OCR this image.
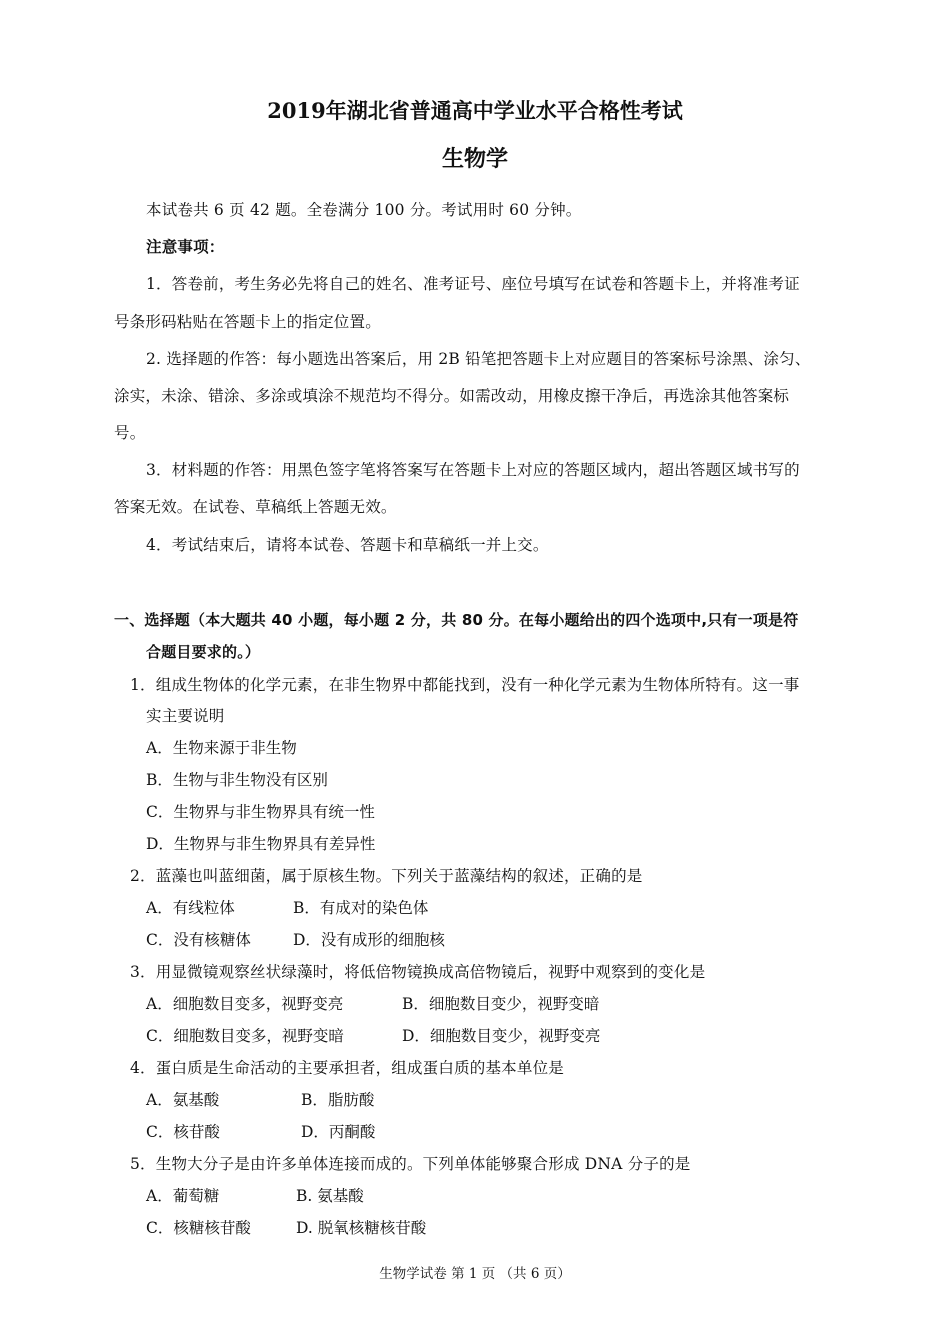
2019年湖北省普通高中学业水平合格性考试
生物学
本试卷共 6 页 42 题。全卷满分 100 分。考试用时 60 分钟。
注意事项：
1．答卷前，考生务必先将自己的姓名、准考证号、座位号填写在试卷和答题卡上，并将准考证
号条形码粘贴在答题卡上的指定位置。
2. 选择题的作答：每小题选出答案后，用 2B 铅笔把答题卡上对应题目的答案标号涂黑、涂匀、
涂实，未涂、错涂、多涂或填涂不规范均不得分。如需改动，用橡皮擦干净后，再选涂其他答案标
号。
3．材料题的作答：用黑色签字笔将答案写在答题卡上对应的答题区域内，超出答题区域书写的
答案无效。在试卷、草稿纸上答题无效。
4．考试结束后，请将本试卷、答题卡和草稿纸一并上交。
一、选择题（本大题共 40 小题，每小题 2 分，共 80 分。在每小题给出的四个选项中,只有一项是符
合题目要求的。）
1．组成生物体的化学元素，在非生物界中都能找到，没有一种化学元素为生物体所特有。这一事
实主要说明
A．生物来源于非生物
B．生物与非生物没有区别
C．生物界与非生物界具有统一性
D．生物界与非生物界具有差异性
2．蓝藻也叫蓝细菌，属于原核生物。下列关于蓝藻结构的叙述，正确的是
A．有线粒体	B．有成对的染色体
C．没有核糖体	D．没有成形的细胞核
3．用显微镜观察丝状绿藻时，将低倍物镜换成高倍物镜后，视野中观察到的变化是
A．细胞数目变多，视野变亮	B．细胞数目变少，视野变暗
C．细胞数目变多，视野变暗	D．细胞数目变少，视野变亮
4．蛋白质是生命活动的主要承担者，组成蛋白质的基本单位是
A．氨基酸	B．脂肪酸
C．核苷酸	D．丙酮酸
5．生物大分子是由许多单体连接而成的。下列单体能够聚合形成 DNA 分子的是
A．葡萄糖	B. 氨基酸
C．核糖核苷酸	D. 脱氧核糖核苷酸
生物学试卷 第 1 页 （共 6 页）
